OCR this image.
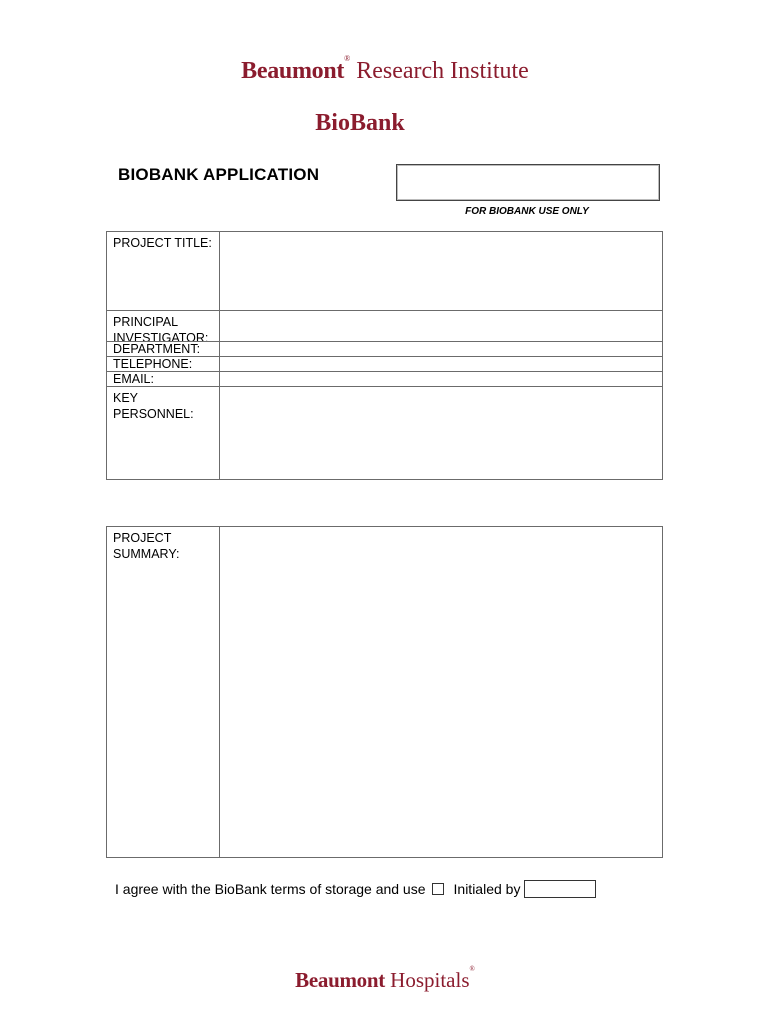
Beaumont® Research Institute
BioBank
BIOBANK APPLICATION
FOR BIOBANK USE ONLY
PROJECT TITLE:
PRINCIPAL
INVESTIGATOR:
DEPARTMENT:
TELEPHONE:
EMAIL:
KEY
PERSONNEL:
PROJECT
SUMMARY:
I agree with the BioBank terms of storage and use Initialed by
Beaumont Hospitals®
